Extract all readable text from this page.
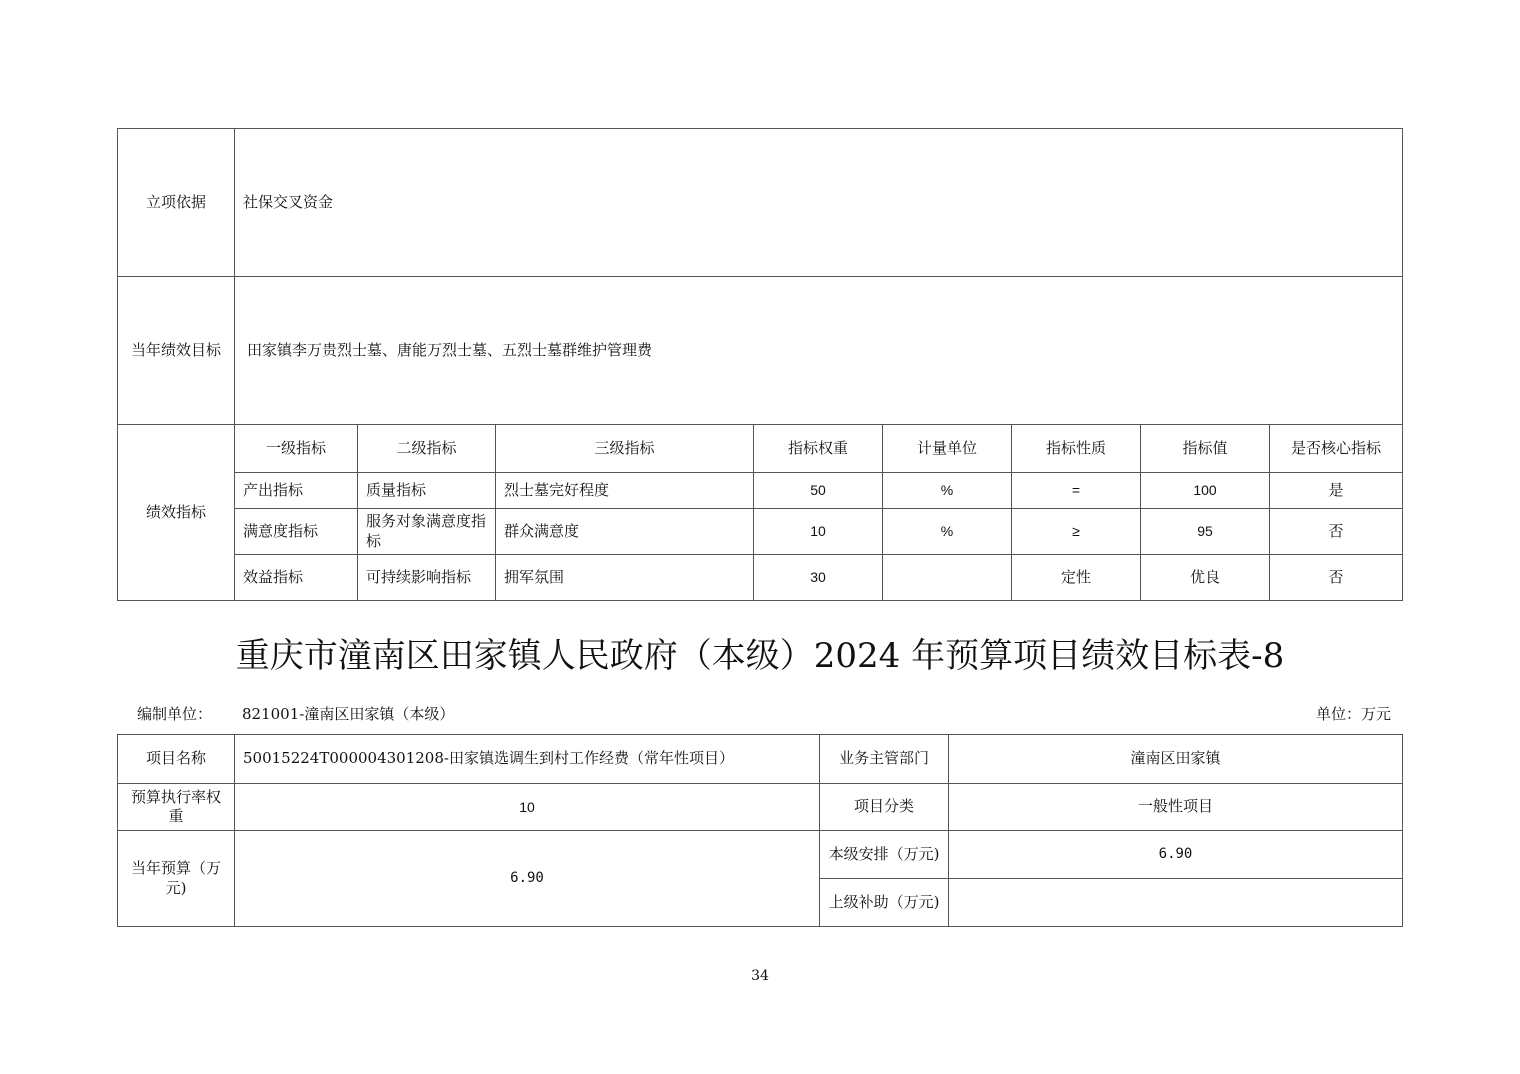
立项依据	社保交叉资金							
当年绩效目标	田家镇李万贵烈士墓、唐能万烈士墓、五烈士墓群维护管理费							
绩效指标	一级指标	二级指标	三级指标	指标权重	计量单位	指标性质	指标值	是否核心指标
	产出指标	质量指标	烈士墓完好程度	50	%	=	100	是
	满意度指标	服务对象满意度指标	群众满意度	10	%	≥	95	否
	效益指标	可持续影响指标	拥军氛围	30		定性	优良	否
重庆市潼南区田家镇人民政府（本级）2024 年预算项目绩效目标表-8
编制单位： 821001-潼南区田家镇（本级）	单位：万元
项目名称	50015224T000004301208-田家镇选调生到村工作经费（常年性项目）	业务主管部门	潼南区田家镇
预算执行率权重	10	项目分类	一般性项目
当年预算（万元)	6.90	本级安排（万元)	6.90
		上级补助（万元)	
34
